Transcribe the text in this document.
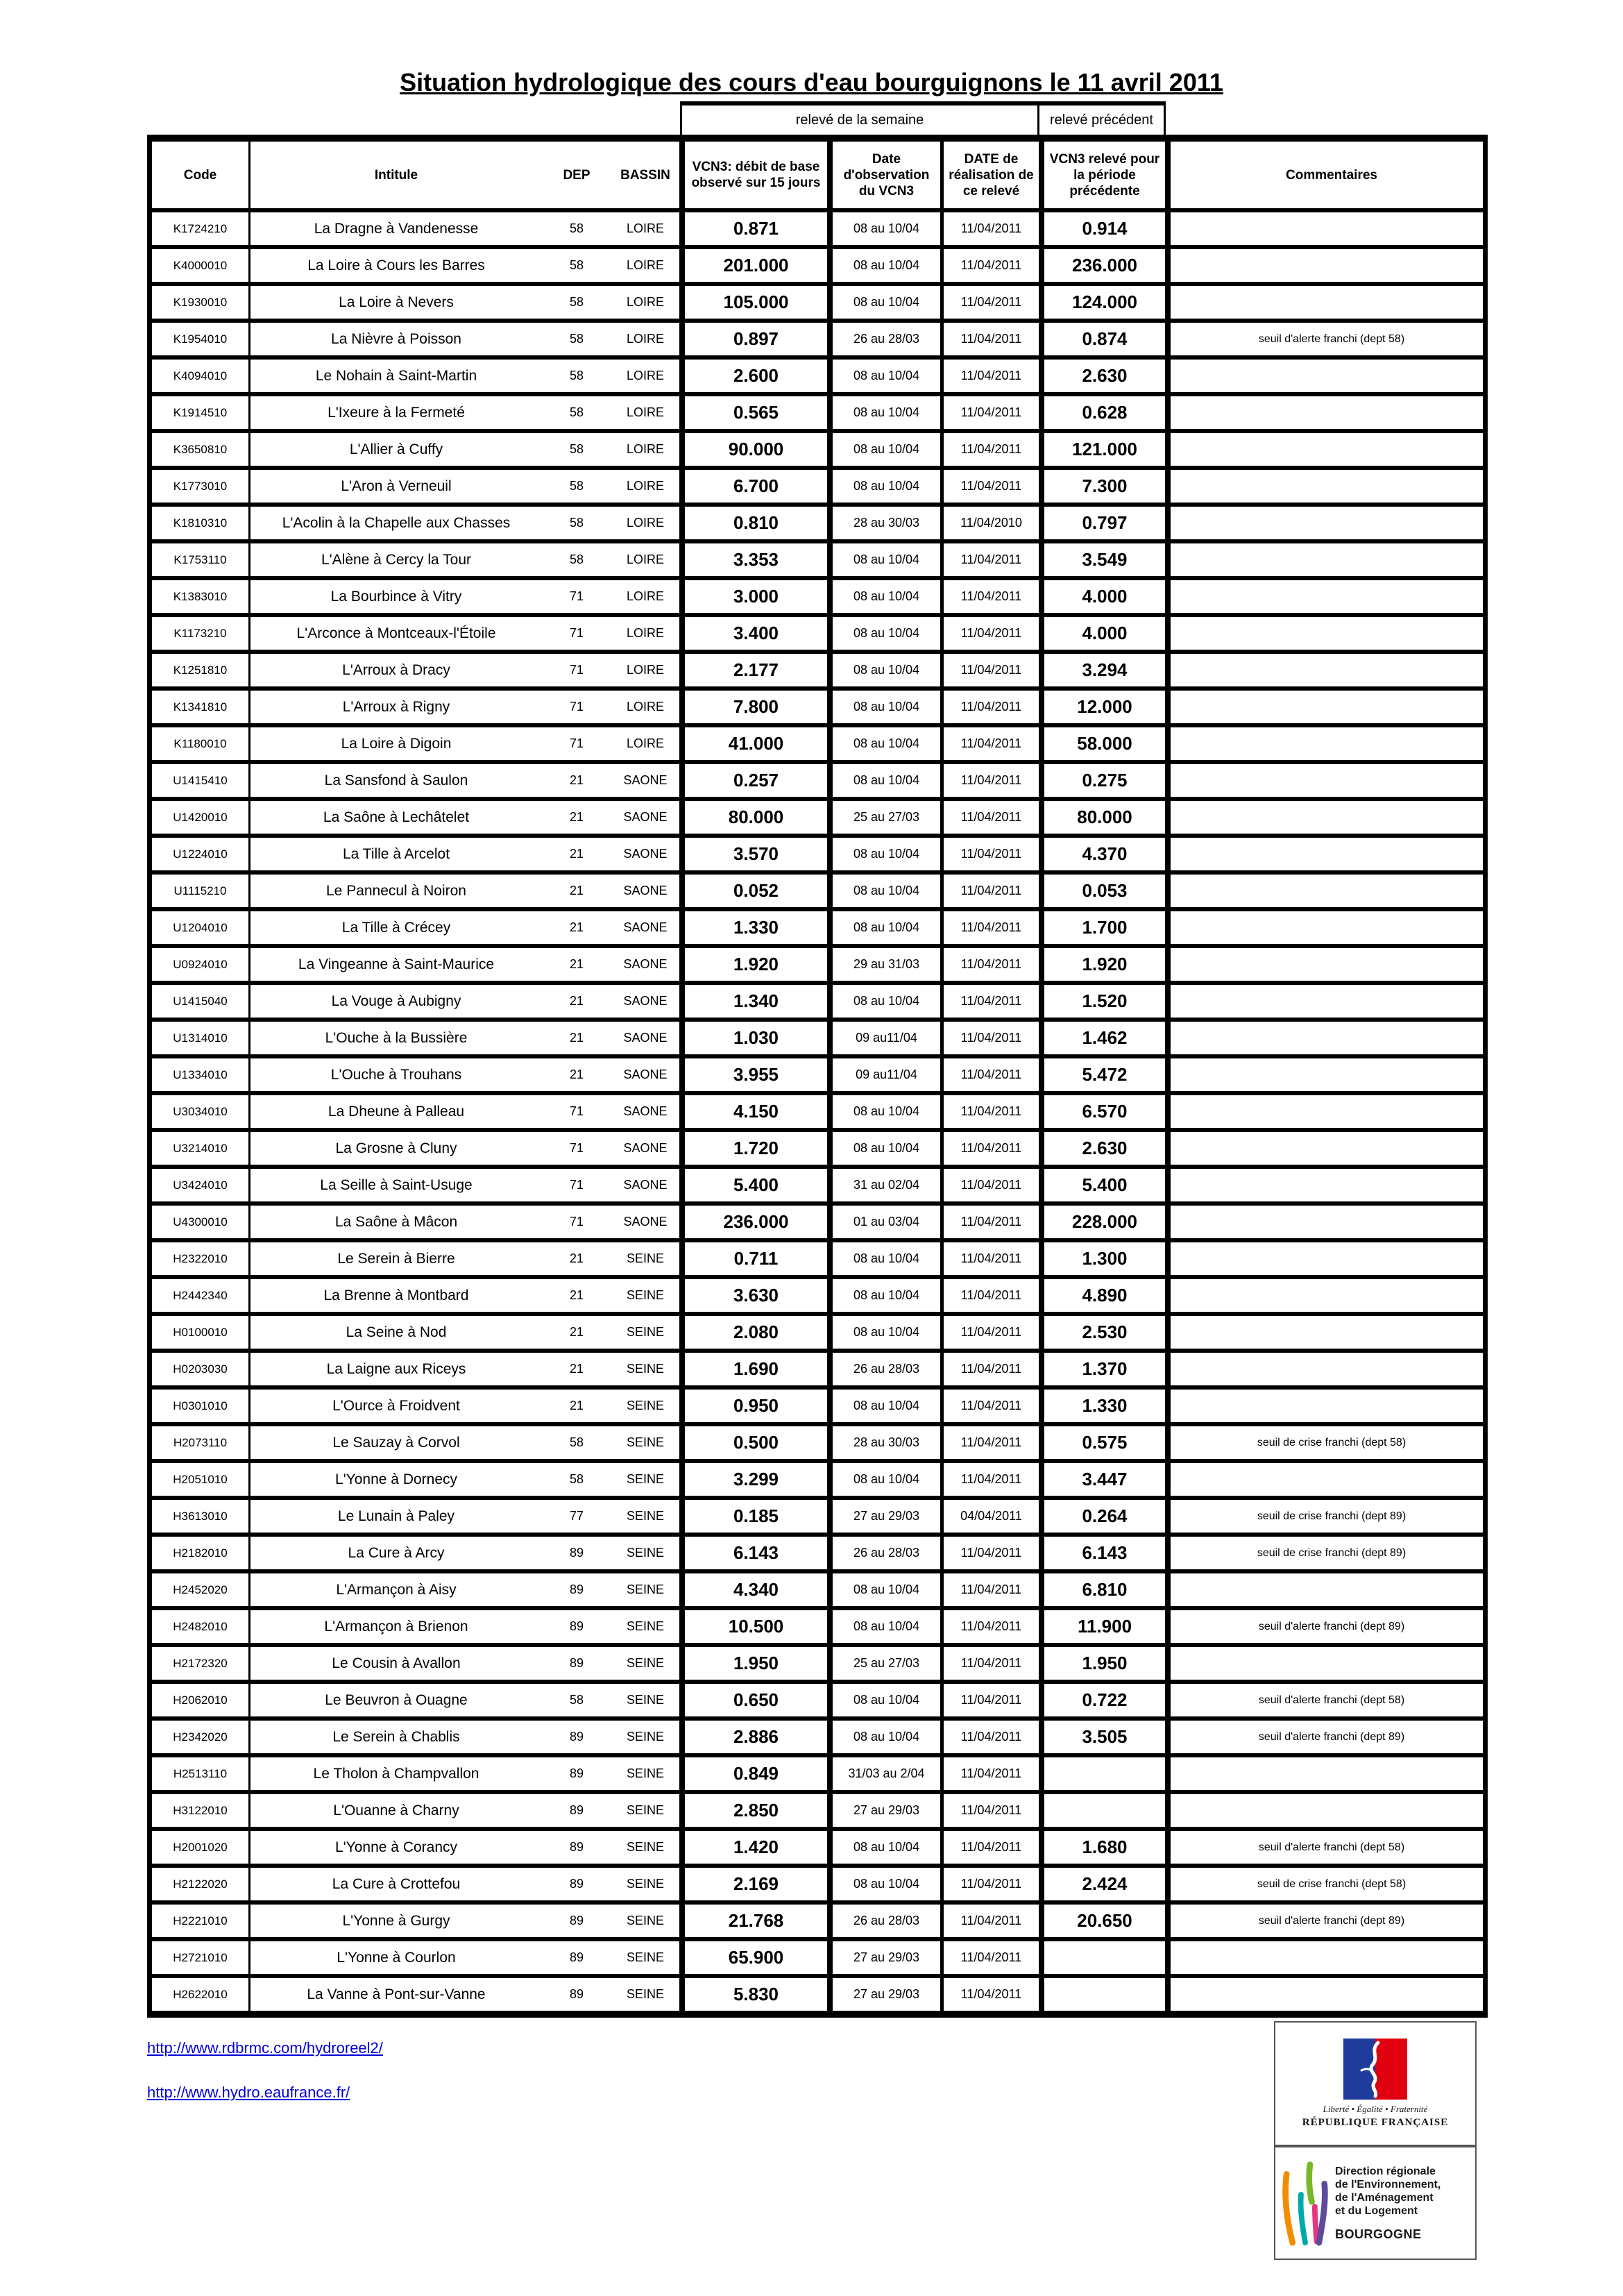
Situation hydrologique des cours d'eau bourguignons le 11 avril 2011
relevé de la semaine	relevé précédent
Code	Intitule	DEP	BASSIN
VCN3: débit de base observé sur 15 jours
Date d'observation du VCN3
DATE de réalisation de ce relevé
VCN3 relevé pour la période précédente
Commentaires
K1724210	La Dragne à Vandenesse	58	LOIRE	0.871	08 au 10/04	11/04/2011	0.914
K4000010	La Loire à Cours les Barres	58	LOIRE	201.000	08 au 10/04	11/04/2011	236.000
K1930010	La Loire à Nevers	58	LOIRE	105.000	08 au 10/04	11/04/2011	124.000
K1954010	La Nièvre à Poisson	58	LOIRE	0.897	26 au 28/03	11/04/2011	0.874	seuil d'alerte franchi (dept 58)
K4094010	Le Nohain à Saint-Martin	58	LOIRE	2.600	08 au 10/04	11/04/2011	2.630
K1914510	L'Ixeure à la Fermeté	58	LOIRE	0.565	08 au 10/04	11/04/2011	0.628
K3650810	L'Allier à Cuffy	58	LOIRE	90.000	08 au 10/04	11/04/2011	121.000
K1773010	L'Aron à Verneuil	58	LOIRE	6.700	08 au 10/04	11/04/2011	7.300
K1810310	L'Acolin à la Chapelle aux Chasses	58	LOIRE	0.810	28 au 30/03	11/04/2010	0.797
K1753110	L'Alène à Cercy la Tour	58	LOIRE	3.353	08 au 10/04	11/04/2011	3.549
K1383010	La Bourbince à Vitry	71	LOIRE	3.000	08 au 10/04	11/04/2011	4.000
K1173210	L'Arconce à Montceaux-l'Étoile	71	LOIRE	3.400	08 au 10/04	11/04/2011	4.000
K1251810	L'Arroux à Dracy	71	LOIRE	2.177	08 au 10/04	11/04/2011	3.294
K1341810	L'Arroux à Rigny	71	LOIRE	7.800	08 au 10/04	11/04/2011	12.000
K1180010	La Loire à Digoin	71	LOIRE	41.000	08 au 10/04	11/04/2011	58.000
U1415410	La Sansfond à Saulon	21	SAONE	0.257	08 au 10/04	11/04/2011	0.275
U1420010	La Saône à Lechâtelet	21	SAONE	80.000	25 au 27/03	11/04/2011	80.000
U1224010	La Tille à Arcelot	21	SAONE	3.570	08 au 10/04	11/04/2011	4.370
U1115210	Le Pannecul à Noiron	21	SAONE	0.052	08 au 10/04	11/04/2011	0.053
U1204010	La Tille à Crécey	21	SAONE	1.330	08 au 10/04	11/04/2011	1.700
U0924010	La Vingeanne à Saint-Maurice	21	SAONE	1.920	29 au 31/03	11/04/2011	1.920
U1415040	La Vouge à Aubigny	21	SAONE	1.340	08 au 10/04	11/04/2011	1.520
U1314010	L'Ouche à la Bussière	21	SAONE	1.030	09 au11/04	11/04/2011	1.462
U1334010	L'Ouche à Trouhans	21	SAONE	3.955	09 au11/04	11/04/2011	5.472
U3034010	La Dheune à Palleau	71	SAONE	4.150	08 au 10/04	11/04/2011	6.570
U3214010	La Grosne à Cluny	71	SAONE	1.720	08 au 10/04	11/04/2011	2.630
U3424010	La Seille à Saint-Usuge	71	SAONE	5.400	31 au 02/04	11/04/2011	5.400
U4300010	La Saône à Mâcon	71	SAONE	236.000	01 au 03/04	11/04/2011	228.000
H2322010	Le Serein à Bierre	21	SEINE	0.711	08 au 10/04	11/04/2011	1.300
H2442340	La Brenne à Montbard	21	SEINE	3.630	08 au 10/04	11/04/2011	4.890
H0100010	La Seine à Nod	21	SEINE	2.080	08 au 10/04	11/04/2011	2.530
H0203030	La Laigne aux Riceys	21	SEINE	1.690	26 au 28/03	11/04/2011	1.370
H0301010	L'Ource à Froidvent	21	SEINE	0.950	08 au 10/04	11/04/2011	1.330
H2073110	Le Sauzay à Corvol	58	SEINE	0.500	28 au 30/03	11/04/2011	0.575	seuil de crise franchi (dept 58)
H2051010	L'Yonne à Dornecy	58	SEINE	3.299	08 au 10/04	11/04/2011	3.447
H3613010	Le Lunain à Paley	77	SEINE	0.185	27 au 29/03	04/04/2011	0.264	seuil de crise franchi (dept 89)
H2182010	La Cure à Arcy	89	SEINE	6.143	26 au 28/03	11/04/2011	6.143	seuil de crise franchi (dept 89)
H2452020	L'Armançon à Aisy	89	SEINE	4.340	08 au 10/04	11/04/2011	6.810
H2482010	L'Armançon à Brienon	89	SEINE	10.500	08 au 10/04	11/04/2011	11.900	seuil d'alerte franchi (dept 89)
H2172320	Le Cousin à Avallon	89	SEINE	1.950	25 au 27/03	11/04/2011	1.950
H2062010	Le Beuvron à Ouagne	58	SEINE	0.650	08 au 10/04	11/04/2011	0.722	seuil d'alerte franchi (dept 58)
H2342020	Le Serein à Chablis	89	SEINE	2.886	08 au 10/04	11/04/2011	3.505	seuil d'alerte franchi (dept 89)
H2513110	Le Tholon à Champvallon	89	SEINE	0.849	31/03 au 2/04	11/04/2011
H3122010	L'Ouanne à Charny	89	SEINE	2.850	27 au 29/03	11/04/2011
H2001020	L'Yonne à Corancy	89	SEINE	1.420	08 au 10/04	11/04/2011	1.680	seuil d'alerte franchi (dept 58)
H2122020	La Cure à Crottefou	89	SEINE	2.169	08 au 10/04	11/04/2011	2.424	seuil de crise franchi (dept 58)
H2221010	L'Yonne à Gurgy	89	SEINE	21.768	26 au 28/03	11/04/2011	20.650	seuil d'alerte franchi (dept 89)
H2721010	L'Yonne à Courlon	89	SEINE	65.900	27 au 29/03	11/04/2011
H2622010	La Vanne à Pont-sur-Vanne	89	SEINE	5.830	27 au 29/03	11/04/2011
http://www.rdbrmc.com/hydroreel2/
http://www.hydro.eaufrance.fr/
Liberté • Égalité • Fraternité
RÉPUBLIQUE FRANÇAISE
Direction régionale
de l'Environnement,
de l'Aménagement
et du Logement
BOURGOGNE
